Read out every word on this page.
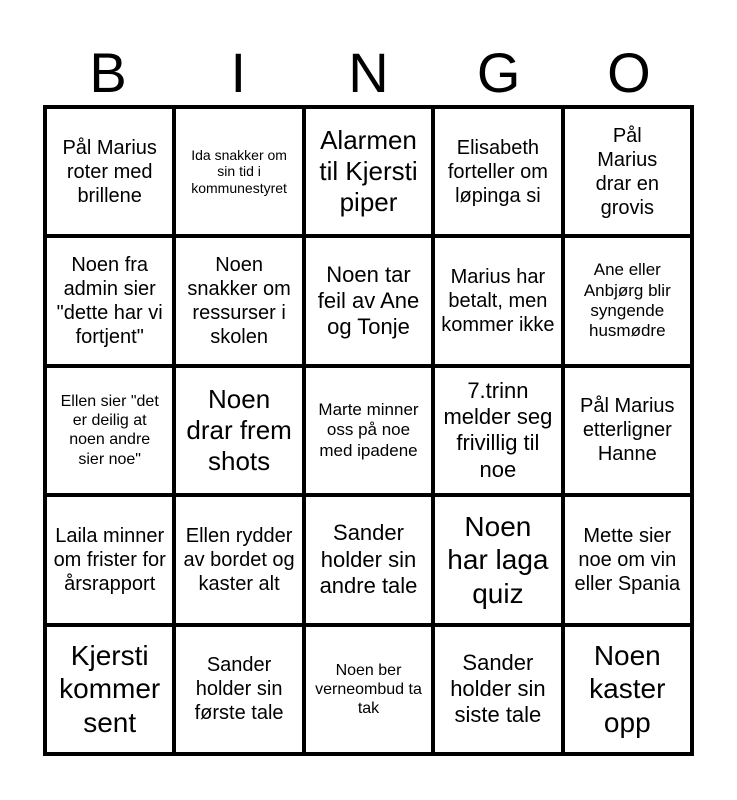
B	I	N	G	O
Pål Marius roter med brillene
Ida snakker om sin tid i kommunestyret
Alarmen til Kjersti piper
Elisabeth forteller om løpinga si
Pål Marius drar en grovis
Noen fra admin sier "dette har vi fortjent"
Noen snakker om ressurser i skolen
Noen tar feil av Ane og Tonje
Marius har betalt, men kommer ikke
Ane eller Anbjørg blir syngende husmødre
Ellen sier "det er deilig at noen andre sier noe"
Noen drar frem shots
Marte minner oss på noe med ipadene
7.trinn melder seg frivillig til noe
Pål Marius etterligner Hanne
Laila minner om frister for årsrapport
Ellen rydder av bordet og kaster alt
Sander holder sin andre tale
Noen har laga quiz
Mette sier noe om vin eller Spania
Kjersti kommer sent
Sander holder sin første tale
Noen ber verneombud ta tak
Sander holder sin siste tale
Noen kaster opp
